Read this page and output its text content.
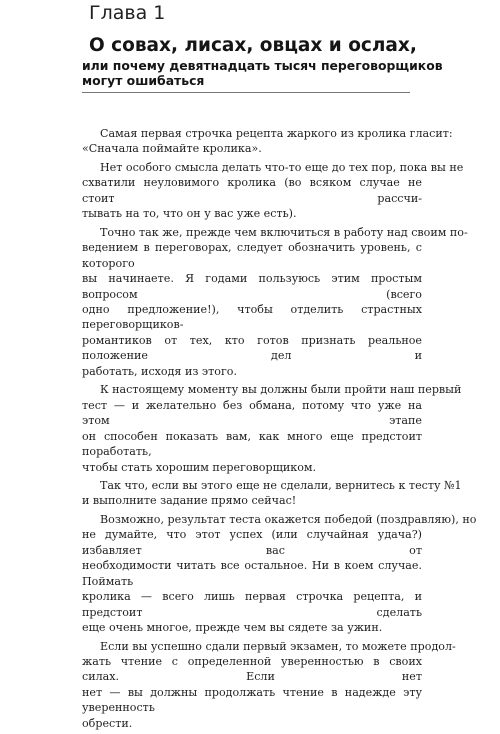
Глава 1
О совах, лисах, овцах и ослах,
или почему девятнадцать тысяч переговорщиков
могут ошибаться

Самая первая строчка рецепта жаркого из кролика гласит:
«Сначала поймайте кролика».

Нет особого смысла делать что-то еще до тех пор, пока вы не
схватили неуловимого кролика (во всяком случае не стоит рассчи-
тывать на то, что он у вас уже есть).

Точно так же, прежде чем включиться в работу над своим по-
ведением в переговорах, следует обозначить уровень, с которого
вы начинаете. Я годами пользуюсь этим простым вопросом (всего
одно предложение!), чтобы отделить страстных переговорщиков-
романтиков от тех, кто готов признать реальное положение дел и
работать, исходя из этого.

К настоящему моменту вы должны были пройти наш первый
тест — и желательно без обмана, потому что уже на этом этапе
он способен показать вам, как много еще предстоит поработать,
чтобы стать хорошим переговорщиком.

Так что, если вы этого еще не сделали, вернитесь к тесту №1
и выполните задание прямо сейчас!

Возможно, результат теста окажется победой (поздравляю), но
не думайте, что этот успех (или случайная удача?) избавляет вас от
необходимости читать все остальное. Ни в коем случае. Поймать
кролика — всего лишь первая строчка рецепта, и предстоит сделать
еще очень многое, прежде чем вы сядете за ужин.

Если вы успешно сдали первый экзамен, то можете продол-
жать чтение с определенной уверенностью в своих силах. Если нет
нет — вы должны продолжать чтение в надежде эту уверенность
обрести.
